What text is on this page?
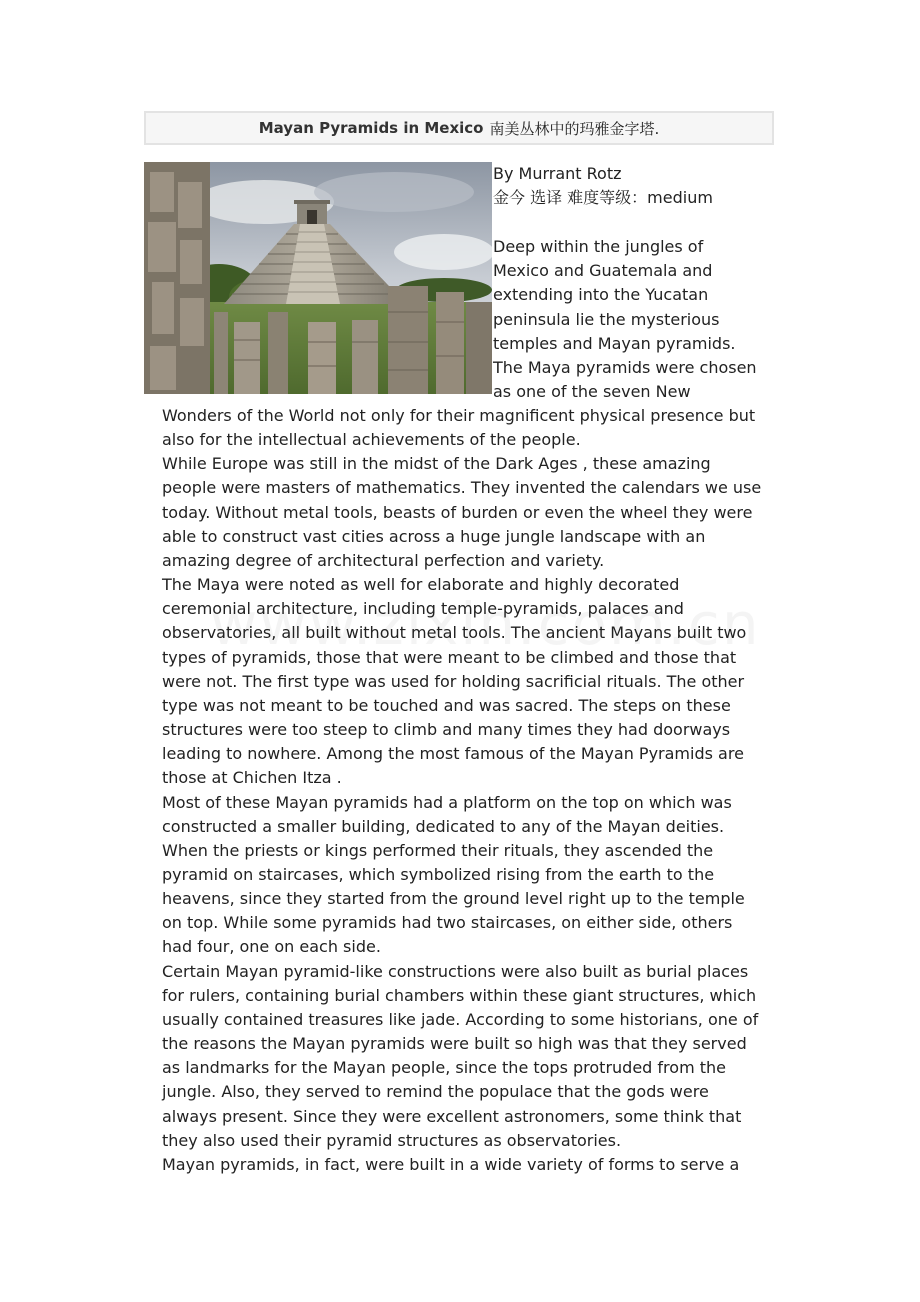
Mayan Pyramids in Mexico 南美丛林中的玛雅金字塔.
By Murrant Rotz
金今 选译 难度等级：medium
Deep within the jungles of
Mexico and Guatemala and
extending into the Yucatan
peninsula lie the mysterious
temples and Mayan pyramids.
The Maya pyramids were chosen
as one of the seven New

Wonders of the World not only for their magnificent physical presence but
also for the intellectual achievements of the people.

While Europe was still in the midst of the Dark Ages , these amazing
people were masters of mathematics. They invented the calendars we use
today. Without metal tools, beasts of burden or even the wheel they were
able to construct vast cities across a huge jungle landscape with an
amazing degree of architectural perfection and variety.

The Maya were noted as well for elaborate and highly decorated
ceremonial architecture, including temple-pyramids, palaces and
observatories, all built without metal tools. The ancient Mayans built two
types of pyramids, those that were meant to be climbed and those that
were not. The first type was used for holding sacrificial rituals. The other
type was not meant to be touched and was sacred. The steps on these
structures were too steep to climb and many times they had doorways
leading to nowhere. Among the most famous of the Mayan Pyramids are
those at Chichen Itza .

Most of these Mayan pyramids had a platform on the top on which was
constructed a smaller building, dedicated to any of the Mayan deities.
When the priests or kings performed their rituals, they ascended the
pyramid on staircases, which symbolized rising from the earth to the
heavens, since they started from the ground level right up to the temple
on top. While some pyramids had two staircases, on either side, others
had four, one on each side.

Certain Mayan pyramid-like constructions were also built as burial places
for rulers, containing burial chambers within these giant structures, which
usually contained treasures like jade. According to some historians, one of
the reasons the Mayan pyramids were built so high was that they served
as landmarks for the Mayan people, since the tops protruded from the
jungle. Also, they served to remind the populace that the gods were
always present. Since they were excellent astronomers, some think that
they also used their pyramid structures as observatories.

Mayan pyramids, in fact, were built in a wide variety of forms to serve a
